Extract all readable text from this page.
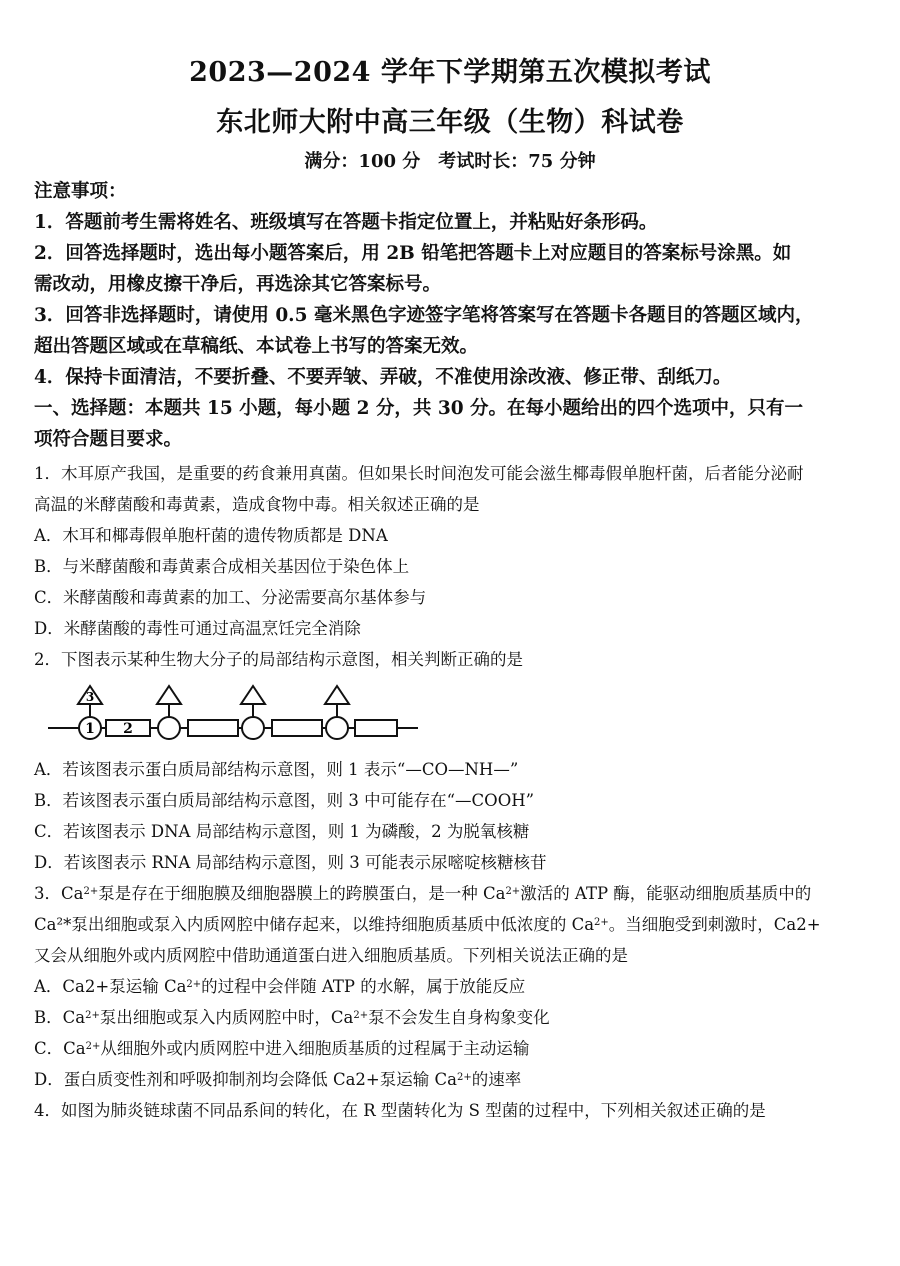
2023—2024 学年下学期第五次模拟考试
东北师大附中高三年级（生物）科试卷
满分：100 分　考试时长：75 分钟
注意事项：
1．答题前考生需将姓名、班级填写在答题卡指定位置上，并粘贴好条形码。
2．回答选择题时，选出每小题答案后，用 2B 铅笔把答题卡上对应题目的答案标号涂黑。如
需改动，用橡皮擦干净后，再选涂其它答案标号。
3．回答非选择题时，请使用 0.5 毫米黑色字迹签字笔将答案写在答题卡各题目的答题区域内，
超出答题区域或在草稿纸、本试卷上书写的答案无效。
4．保持卡面清洁，不要折叠、不要弄皱、弄破，不准使用涂改液、修正带、刮纸刀。
一、选择题：本题共 15 小题，每小题 2 分，共 30 分。在每小题给出的四个选项中，只有一
项符合题目要求。
1．木耳原产我国，是重要的药食兼用真菌。但如果长时间泡发可能会滋生椰毒假单胞杆菌，后者能分泌耐
高温的米酵菌酸和毒黄素，造成食物中毒。相关叙述正确的是
A．木耳和椰毒假单胞杆菌的遗传物质都是 DNA
B．与米酵菌酸和毒黄素合成相关基因位于染色体上
C．米酵菌酸和毒黄素的加工、分泌需要高尔基体参与
D．米酵菌酸的毒性可通过高温烹饪完全消除
2．下图表示某种生物大分子的局部结构示意图，相关判断正确的是
1 2
3
A．若该图表示蛋白质局部结构示意图，则 1 表示“—CO—NH—”
B．若该图表示蛋白质局部结构示意图，则 3 中可能存在“—COOH”
C．若该图表示 DNA 局部结构示意图，则 1 为磷酸，2 为脱氧核糖
D．若该图表示 RNA 局部结构示意图，则 3 可能表示尿嘧啶核糖核苷
3．$Ca^{2+}$泵是存在于细胞膜及细胞器膜上的跨膜蛋白，是一种 $Ca^{2+}$激活的 ATP 酶，能驱动细胞质基质中的
Ca²*泵出细胞或泵入内质网腔中储存起来，以维持细胞质基质中低浓度的 $Ca^{2+}$。当细胞受到刺激时，Ca2+
又会从细胞外或内质网腔中借助通道蛋白进入细胞质基质。下列相关说法正确的是
A．Ca2+泵运输 $Ca^{2+}$的过程中会伴随 ATP 的水解，属于放能反应
B．$Ca^{2+}$泵出细胞或泵入内质网腔中时，$Ca^{2+}$泵不会发生自身构象变化
C．$Ca^{2+}$从细胞外或内质网腔中进入细胞质基质的过程属于主动运输
D．蛋白质变性剂和呼吸抑制剂均会降低 Ca2+泵运输 $Ca^{2+}$的速率
4．如图为肺炎链球菌不同品系间的转化，在 R 型菌转化为 S 型菌的过程中，下列相关叙述正确的是
